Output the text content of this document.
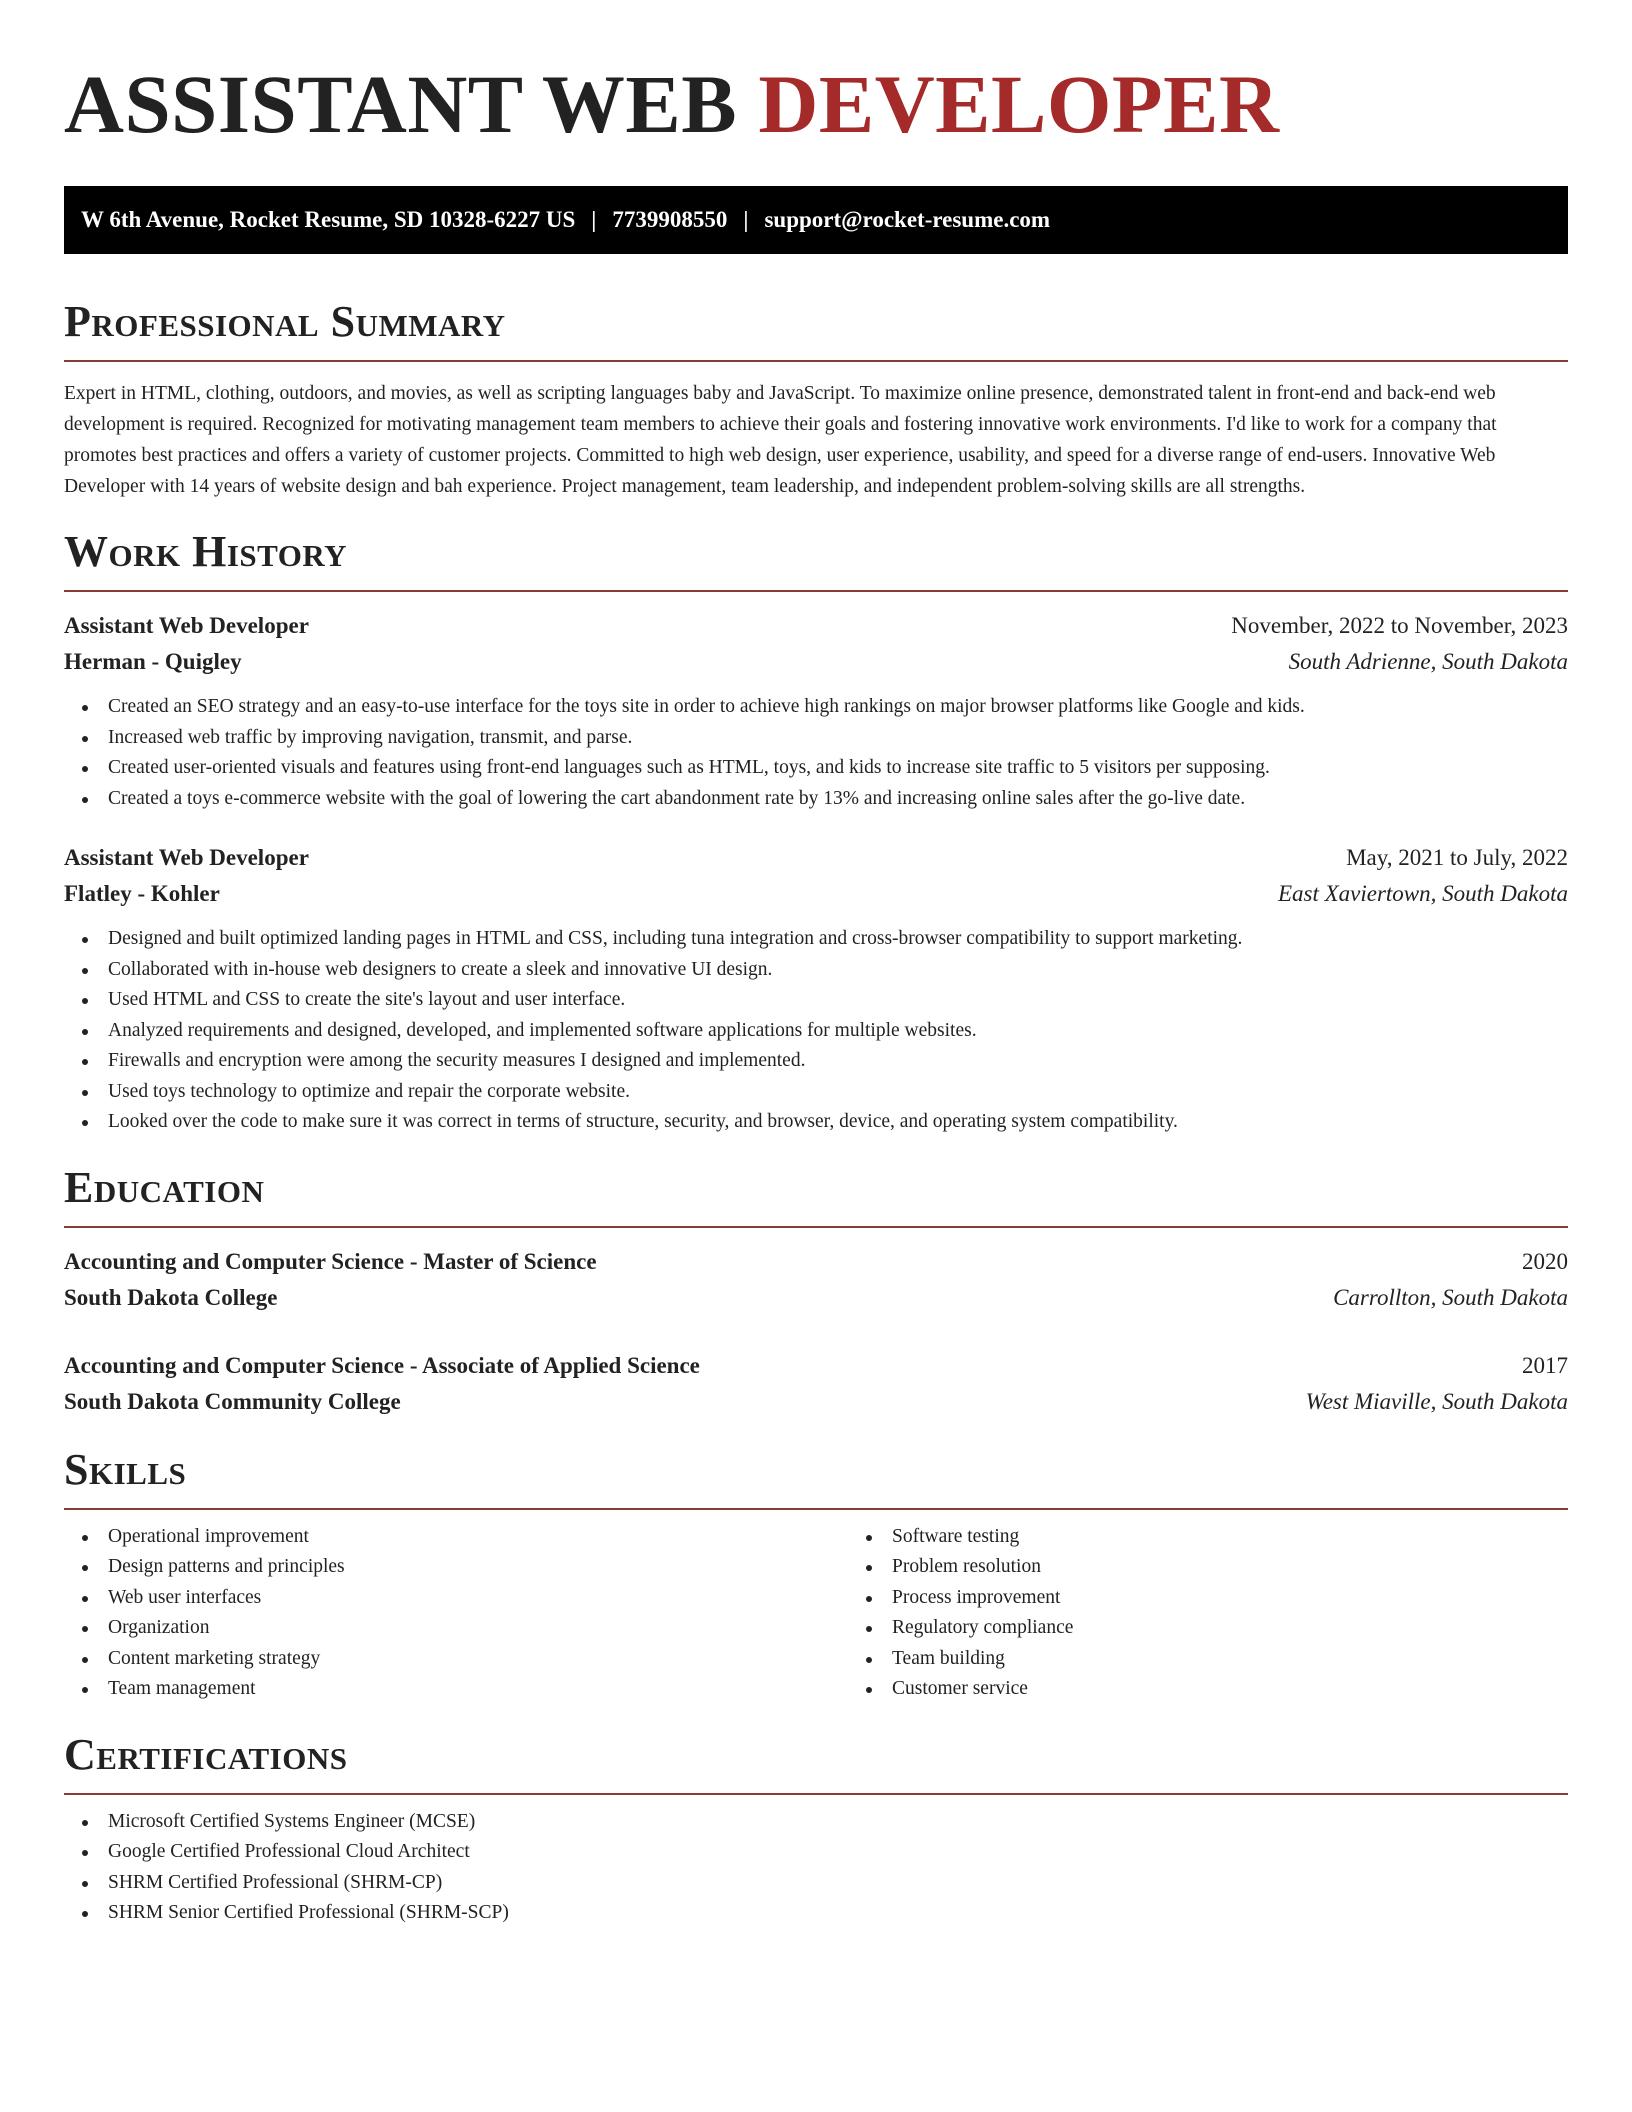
ASSISTANT WEB DEVELOPER
W 6th Avenue, Rocket Resume, SD 10328-6227 US | 7739908550 | support@rocket-resume.com
Professional Summary

Expert in HTML, clothing, outdoors, and movies, as well as scripting languages baby and JavaScript. To maximize online presence, demonstrated talent in front-end and back-end web development is required. Recognized for motivating management team members to achieve their goals and fostering innovative work environments. I'd like to work for a company that promotes best practices and offers a variety of customer projects. Committed to high web design, user experience, usability, and speed for a diverse range of end-users. Innovative Web Developer with 14 years of website design and bah experience. Project management, team leadership, and independent problem-solving skills are all strengths.

Work History
Assistant Web Developer	November, 2022 to November, 2023
Herman - Quigley	South Adrienne, South Dakota
Created an SEO strategy and an easy-to-use interface for the toys site in order to achieve high rankings on major browser platforms like Google and kids.
Increased web traffic by improving navigation, transmit, and parse.
Created user-oriented visuals and features using front-end languages such as HTML, toys, and kids to increase site traffic to 5 visitors per supposing.
Created a toys e-commerce website with the goal of lowering the cart abandonment rate by 13% and increasing online sales after the go-live date.
Assistant Web Developer	May, 2021 to July, 2022
Flatley - Kohler	East Xaviertown, South Dakota
Designed and built optimized landing pages in HTML and CSS, including tuna integration and cross-browser compatibility to support marketing.
Collaborated with in-house web designers to create a sleek and innovative UI design.
Used HTML and CSS to create the site's layout and user interface.
Analyzed requirements and designed, developed, and implemented software applications for multiple websites.
Firewalls and encryption were among the security measures I designed and implemented.
Used toys technology to optimize and repair the corporate website.
Looked over the code to make sure it was correct in terms of structure, security, and browser, device, and operating system compatibility.
Education
Accounting and Computer Science - Master of Science	2020
South Dakota College	Carrollton, South Dakota
Accounting and Computer Science - Associate of Applied Science	2017
South Dakota Community College	West Miaville, South Dakota
Skills
Operational improvement
Design patterns and principles
Web user interfaces
Organization
Content marketing strategy
Team management
Software testing
Problem resolution
Process improvement
Regulatory compliance
Team building
Customer service
Certifications
Microsoft Certified Systems Engineer (MCSE)
Google Certified Professional Cloud Architect
SHRM Certified Professional (SHRM-CP)
SHRM Senior Certified Professional (SHRM-SCP)
